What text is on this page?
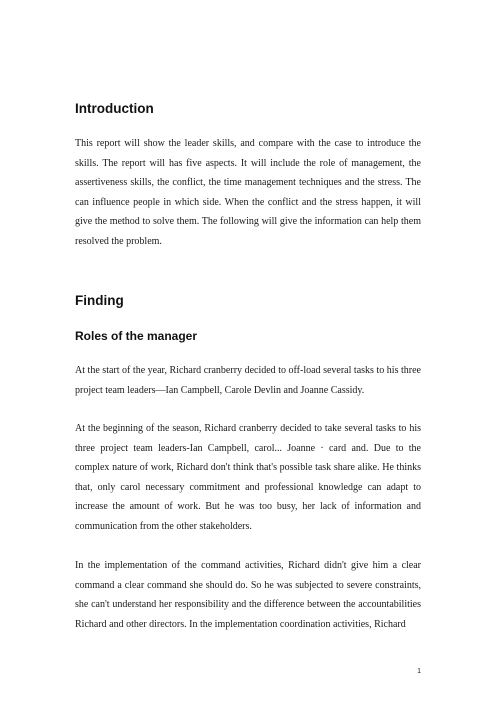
Introduction

This report will show the leader skills, and compare with the case to introduce the skills. The report will has five aspects. It will include the role of management, the assertiveness skills, the conflict, the time management techniques and the stress. The can influence people in which side. When the conflict and the stress happen, it will give the method to solve them. The following will give the information can help them resolved the problem.

Finding
Roles of the manager

At the start of the year, Richard cranberry decided to off-load several tasks to his three project team leaders—Ian Campbell, Carole Devlin and Joanne Cassidy.

At the beginning of the season, Richard cranberry decided to take several tasks to his three project team leaders-Ian Campbell, carol... Joanne · card and. Due to the complex nature of work, Richard don't think that's possible task share alike. He thinks that, only carol necessary commitment and professional knowledge can adapt to increase the amount of work. But he was too busy, her lack of information and communication from the other stakeholders.

In the implementation of the command activities, Richard didn't give him a clear command a clear command she should do. So he was subjected to severe constraints, she can't understand her responsibility and the difference between the accountabilities Richard and other directors. In the implementation coordination activities, Richard

1
